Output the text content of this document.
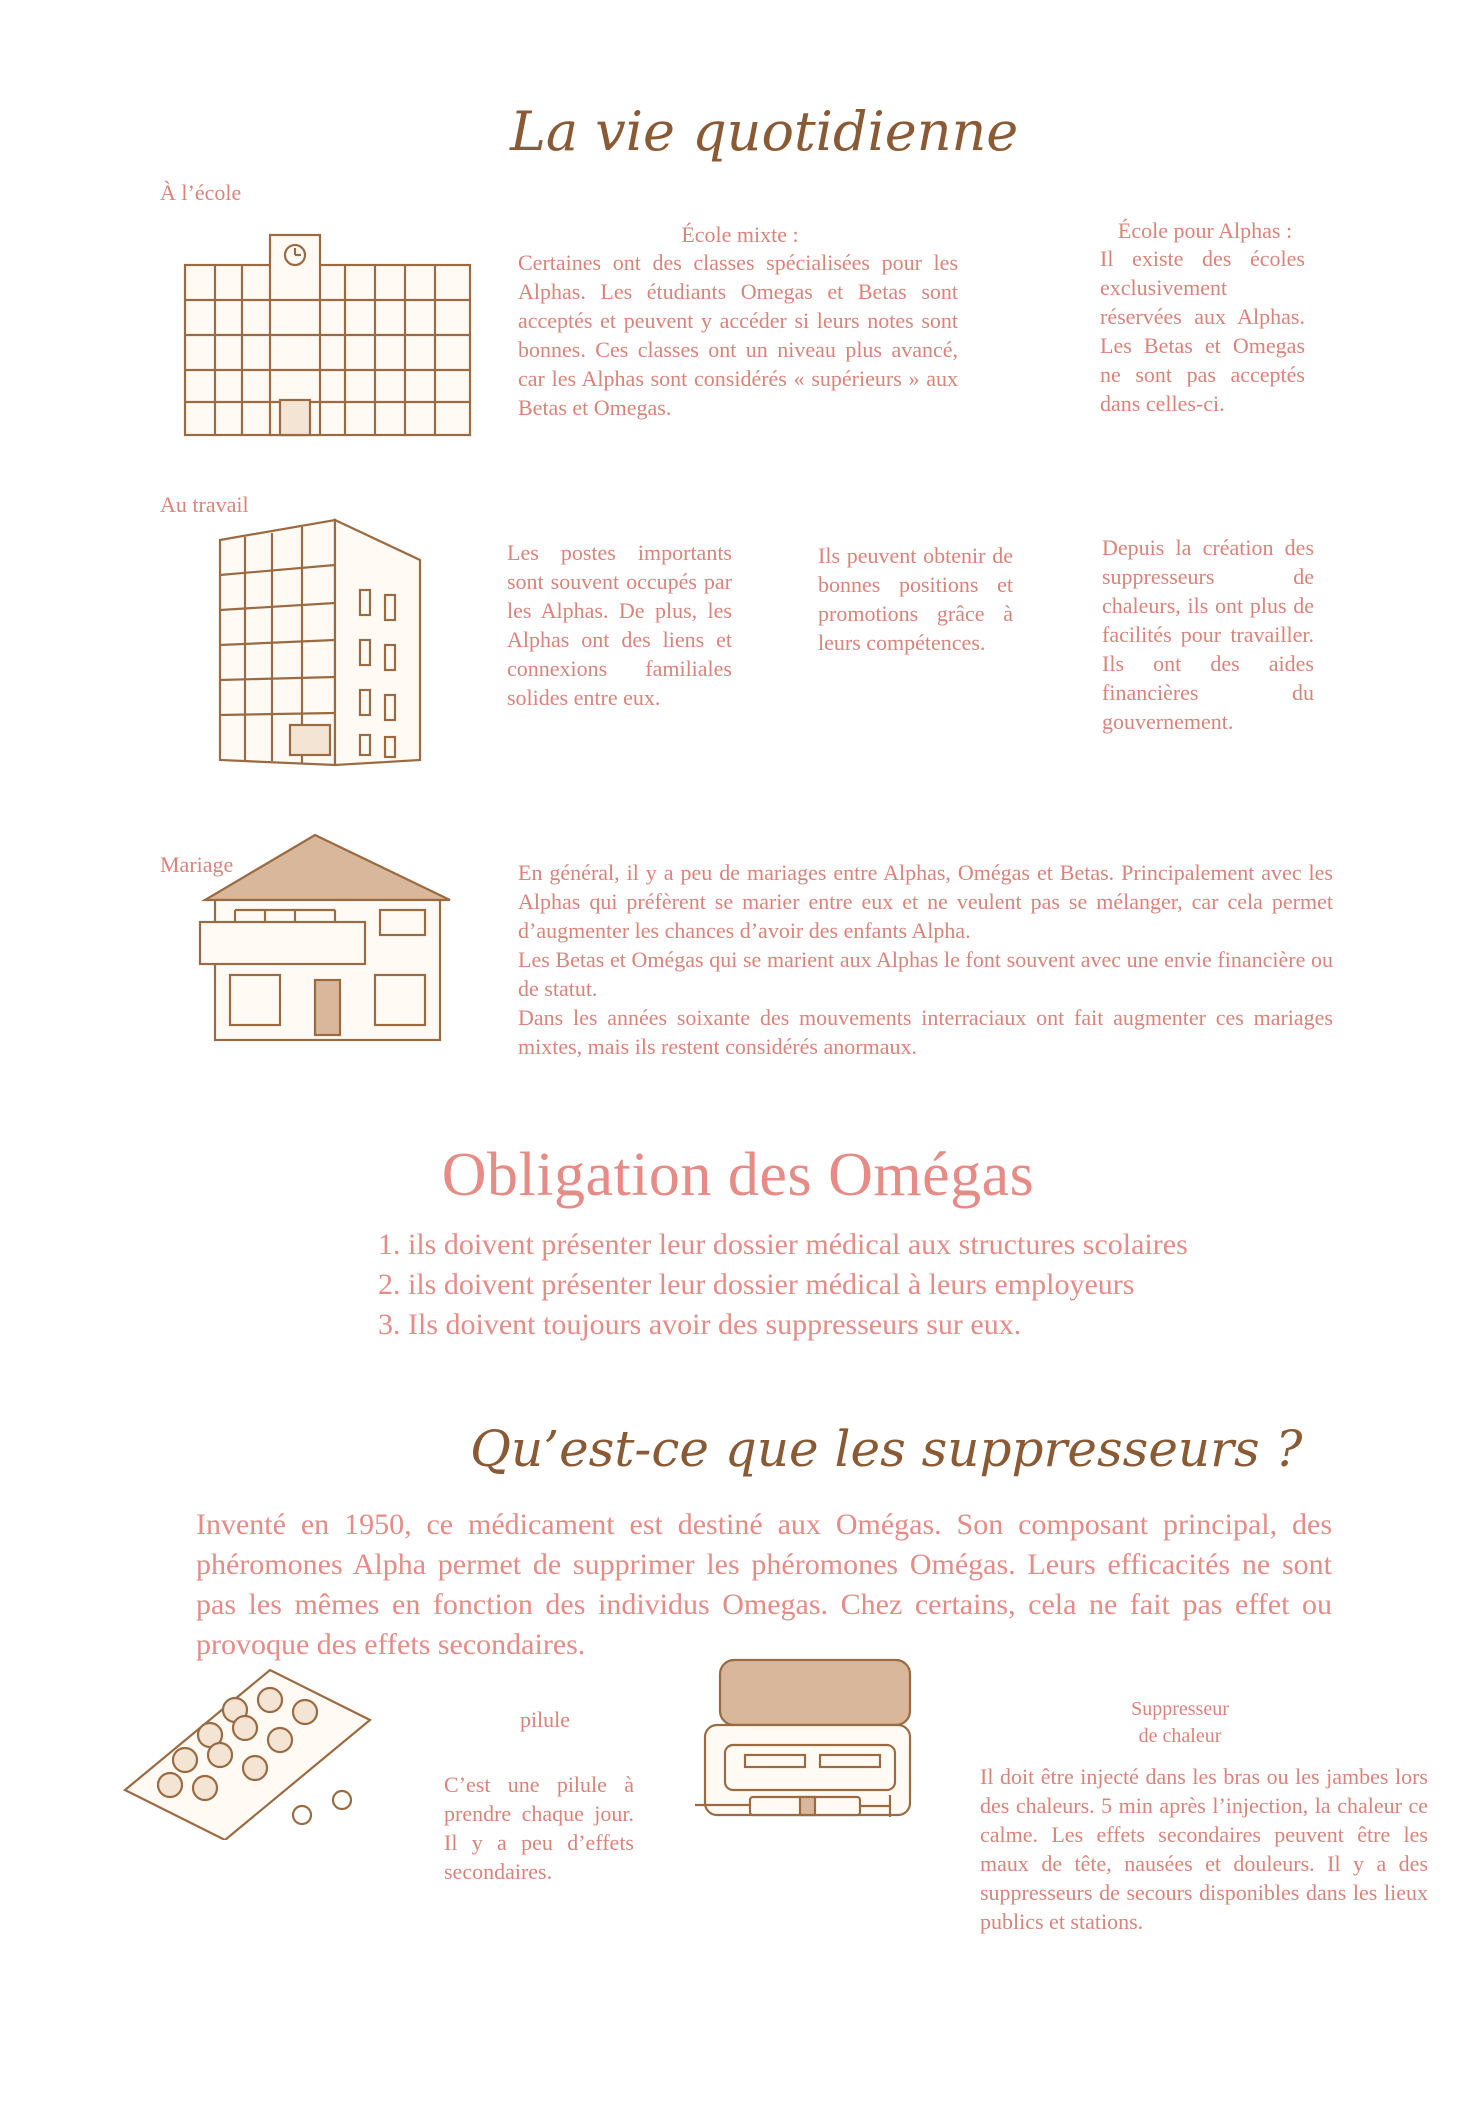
La vie quotidienne
À l’école
École mixte :
Certaines ont des classes spécialisées pour les Alphas. Les étudiants Omegas et Betas sont acceptés et peuvent y accéder si leurs notes sont bonnes. Ces classes ont un niveau plus avancé, car les Alphas sont considérés « supérieurs » aux Betas et Omegas.
École pour Alphas :
Il existe des écoles exclusivement réservées aux Alphas. Les Betas et Omegas ne sont pas acceptés dans celles-ci.
Au travail
Les postes importants sont souvent occupés par les Alphas. De plus, les Alphas ont des liens et connexions familiales solides entre eux.
Ils peuvent obtenir de bonnes positions et promotions grâce à leurs compétences.
Depuis la création des suppresseurs de chaleurs, ils ont plus de facilités pour travailler. Ils ont des aides financières du gouvernement.
Mariage	En général, il y a peu de mariages entre Alphas, Omégas et Betas. Principalement avec les Alphas qui préfèrent se marier entre eux et ne veulent pas se mélanger, car cela permet d’augmenter les chances d’avoir des enfants Alpha.
Les Betas et Omégas qui se marient aux Alphas le font souvent avec une envie financière ou de statut.
Dans les années soixante des mouvements interraciaux ont fait augmenter ces mariages mixtes, mais ils restent considérés anormaux.
Obligation des Omégas
1. ils doivent présenter leur dossier médical aux structures scolaires
2. ils doivent présenter leur dossier médical à leurs employeurs
3. Ils doivent toujours avoir des suppresseurs sur eux.
Qu’est-ce que les suppresseurs ?
Inventé en 1950, ce médicament est destiné aux Omégas. Son composant principal, des phéromones Alpha permet de supprimer les phéromones Omégas. Leurs efficacités ne sont pas les mêmes en fonction des individus Omegas. Chez certains, cela ne fait pas effet ou provoque des effets secondaires.
pilule
C’est une pilule à prendre chaque jour. Il y a peu d’effets secondaires.
Suppresseur
de chaleur
Il doit être injecté dans les bras ou les jambes lors des chaleurs. 5 min après l’injection, la chaleur ce calme. Les effets secondaires peuvent être les maux de tête, nausées et douleurs. Il y a des suppresseurs de secours disponibles dans les lieux publics et stations.
